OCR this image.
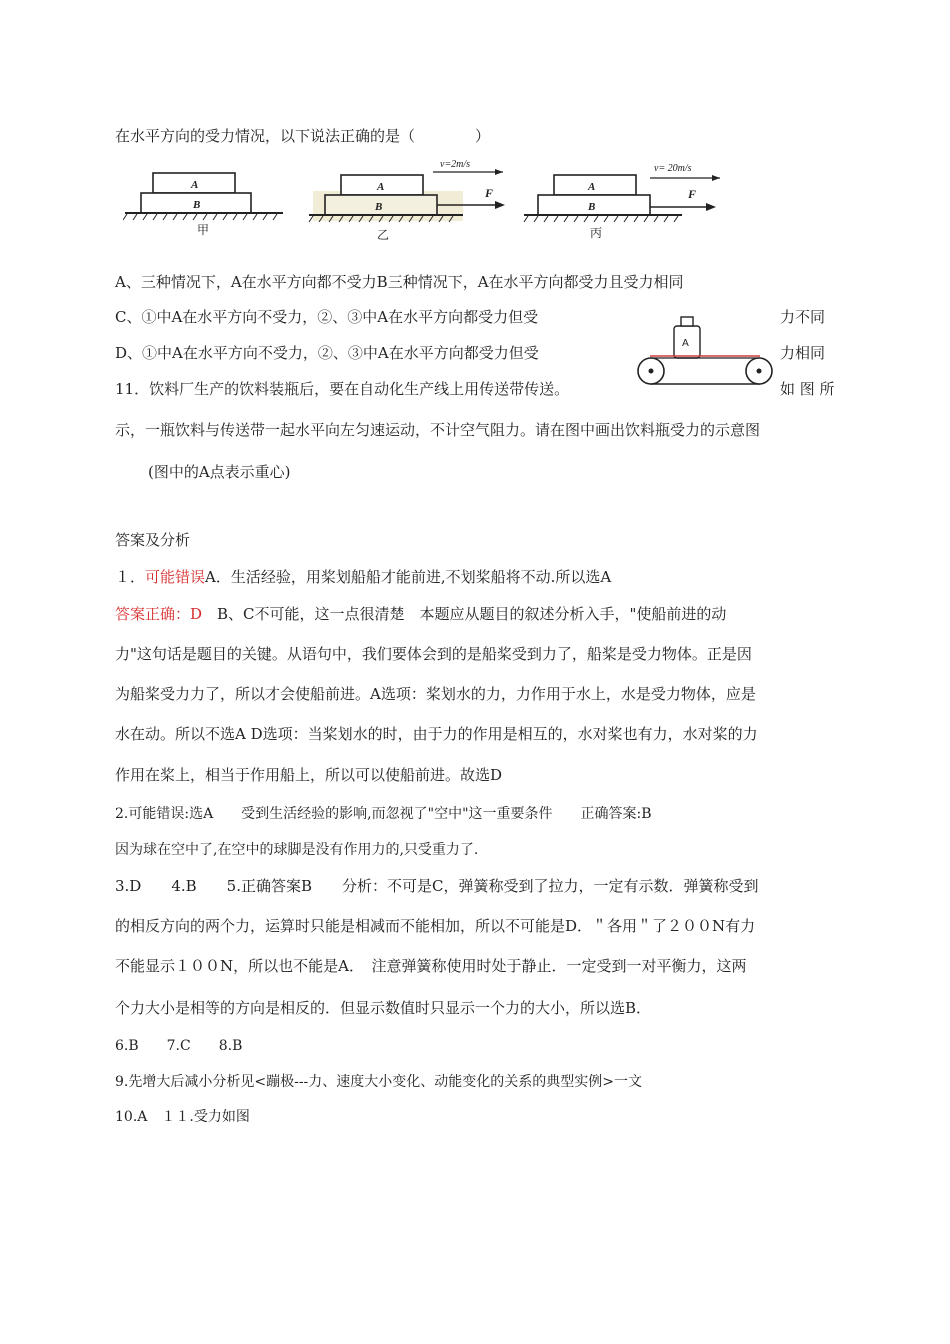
在水平方向的受力情况，以下说法正确的是（　　　　）
A
B
甲
v=2m/s
F
A
B
乙
v= 20m/s
F
A
B
丙
A、三种情况下，A在水平方向都不受力B三种情况下，A在水平方向都受力且受力相同
C、①中A在水平方向不受力，②、③中A在水平方向都受力但受	力不同
D、①中A在水平方向不受力，②、③中A在水平方向都受力但受	力相同
A
11．饮料厂生产的饮料装瓶后，要在自动化生产线上用传送带传送。	如 图 所
示，一瓶饮料与传送带一起水平向左匀速运动，不计空气阻力。请在图中画出饮料瓶受力的示意图
(图中的A点表示重心)
答案及分析
１．可能错误A．生活经验，用桨划船船才能前进,不划桨船将不动.所以选A
答案正确：D　B、C不可能，这一点很清楚　本题应从题目的叙述分析入手，"使船前进的动
力"这句话是题目的关键。从语句中，我们要体会到的是船桨受到力了，船桨是受力物体。正是因
为船桨受力力了，所以才会使船前进。A选项：桨划水的力，力作用于水上，水是受力物体，应是
水在动。所以不选A D选项：当桨划水的时，由于力的作用是相互的，水对桨也有力，水对桨的力
作用在桨上，相当于作用船上，所以可以使船前进。故选D
2.可能错误:选A　　受到生活经验的影响,而忽视了"空中"这一重要条件　　正确答案:B
因为球在空中了,在空中的球脚是没有作用力的,只受重力了.
3.D　　4.B　　5.正确答案B　　分析：不可是C，弹簧称受到了拉力，一定有示数．弹簧称受到
的相反方向的两个力，运算时只能是相减而不能相加，所以不可能是D．＂各用＂了２００N有力
不能显示１００N，所以也不能是A．　注意弹簧称使用时处于静止．一定受到一对平衡力，这两
个力大小是相等的方向是相反的．但显示数值时只显示一个力的大小，所以选B．
6.B　　7.C　　8.B
9.先增大后减小分析见<蹦极---力、速度大小变化、动能变化的关系的典型实例>一文
10.A　１１.受力如图
